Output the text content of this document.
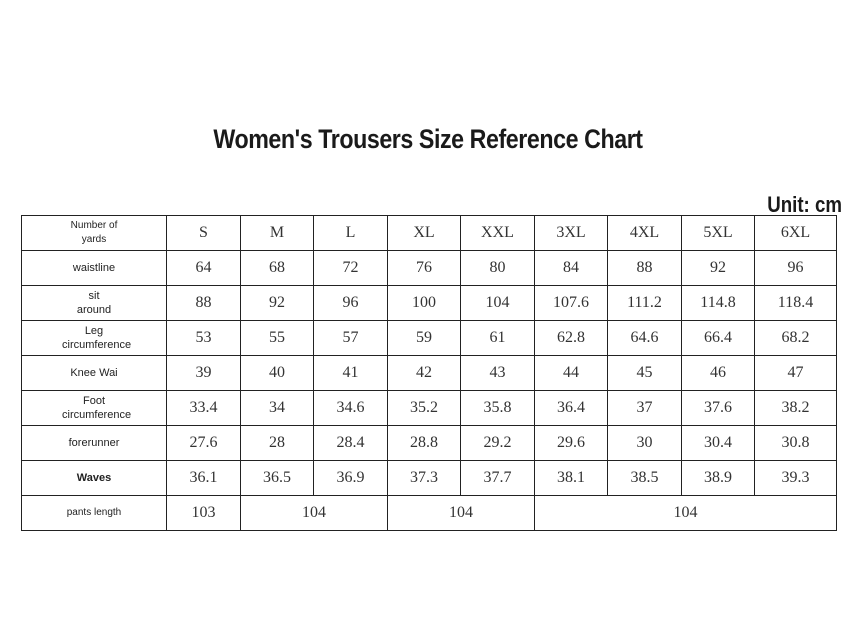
Women's Trousers Size Reference Chart
Unit: cm
Number of yards	S	M	L	XL	XXL	3XL	4XL	5XL	6XL
waistline	64	68	72	76	80	84	88	92	96
sit around	88	92	96	100	104	107.6	111.2	114.8	118.4
Leg circumference	53	55	57	59	61	62.8	64.6	66.4	68.2
Knee Wai	39	40	41	42	43	44	45	46	47
Foot circumference	33.4	34	34.6	35.2	35.8	36.4	37	37.6	38.2
forerunner	27.6	28	28.4	28.8	29.2	29.6	30	30.4	30.8
Waves	36.1	36.5	36.9	37.3	37.7	38.1	38.5	38.9	39.3
pants length	103	104		104		104			
